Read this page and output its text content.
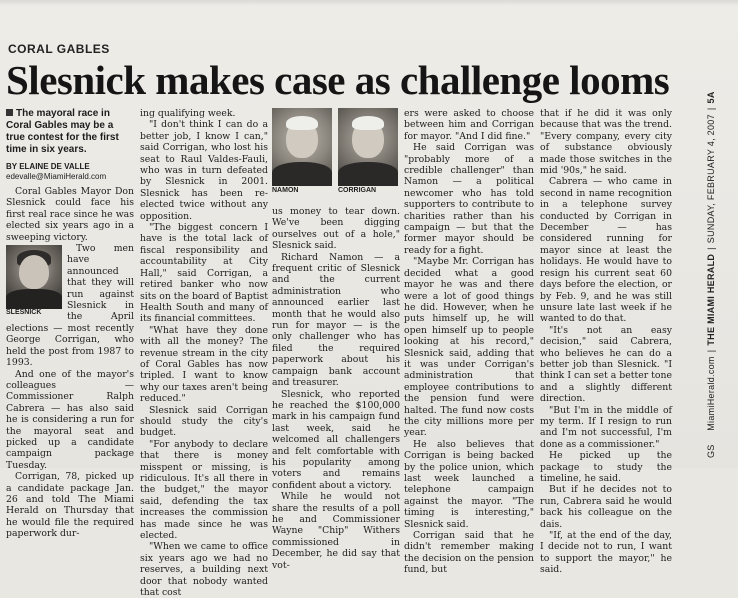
CORAL GABLES
Slesnick makes case as challenge looms
The mayoral race in Coral Gables may be a true contest for the first time in six years.
BY ELAINE DE VALLE
edevalle@MiamiHerald.com

Coral Gables Mayor Don Slesnick could face his first real race since he was elected six years ago in a sweeping victory.

SLESNICK

Two men have announced that they will run against Slesnick in the April elections — most recently George Corrigan, who held the post from 1987 to 1993.

And one of the mayor's colleagues — Commissioner Ralph Cabrera — has also said he is considering a run for the mayoral seat and picked up a candidate campaign package Tuesday.

Corrigan, 78, picked up a candidate package Jan. 26 and told The Miami Herald on Thursday that he would file the required paperwork dur-

ing qualifying week.

"I don't think I can do a better job, I know I can," said Corrigan, who lost his seat to Raul Valdes-Fauli, who was in turn defeated by Slesnick in 2001. Slesnick has been re-elected twice without any opposition.

"The biggest concern I have is the total lack of fiscal responsibility and accountability at City Hall," said Corrigan, a retired banker who now sits on the board of Baptist Health South and many of its financial committees.

"What have they done with all the money? The revenue stream in the city of Coral Gables has now tripled. I want to know why our taxes aren't being reduced."

Slesnick said Corrigan should study the city's budget.

"For anybody to declare that there is money misspent or missing, is ridiculous. It's all there in the budget," the mayor said, defending the tax increases the commission has made since he was elected.

"When we came to office six years ago we had no reserves, a building next door that nobody wanted that cost

NAMON	CORRIGAN

us money to tear down. We've been digging ourselves out of a hole," Slesnick said.

Richard Namon — a frequent critic of Slesnick and the current administration who announced earlier last month that he would also run for mayor — is the only challenger who has filed the required paperwork about his campaign bank account and treasurer.

Slesnick, who reported he reached the $100,000 mark in his campaign fund last week, said he welcomed all challengers and felt comfortable with his popularity among voters and remains confident about a victory.

While he would not share the results of a poll he and Commissioner Wayne "Chip" Withers commissioned in December, he did say that vot-

ers were asked to choose between him and Corrigan for mayor. "And I did fine."

He said Corrigan was "probably more of a credible challenger" than Namon — a political newcomer who has told supporters to contribute to charities rather than his campaign — but that the former mayor should be ready for a fight.

"Maybe Mr. Corrigan has decided what a good mayor he was and there were a lot of good things he did. However, when he puts himself up, he will open himself up to people looking at his record," Slesnick said, adding that it was under Corrigan's administration that employee contributions to the pension fund were halted. The fund now costs the city millions more per year.

He also believes that Corrigan is being backed by the police union, which last week launched a telephone campaign against the mayor. "The timing is interesting," Slesnick said.

Corrigan said that he didn't remember making the decision on the pension fund, but

that if he did it was only because that was the trend. "Every company, every city of substance obviously made those switches in the mid '90s," he said.

Cabrera — who came in second in name recognition in a telephone survey conducted by Corrigan in December — has considered running for mayor since at least the holidays. He would have to resign his current seat 60 days before the election, or by Feb. 9, and he was still unsure late last week if he wanted to do that.

"It's not an easy decision," said Cabrera, who believes he can do a better job than Slesnick. "I think I can set a better tone and a slightly different direction.

"But I'm in the middle of my term. If I resign to run and I'm not successful, I'm done as a commissioner."

He picked up the package to study the timeline, he said.

But if he decides not to run, Cabrera said he would back his colleague on the dais.

"If, at the end of the day, I decide not to run, I want to support the mayor," he said.

GS  MiamiHerald.com|THE MIAMI HERALD|SUNDAY, FEBRUARY 4, 2007|5A
